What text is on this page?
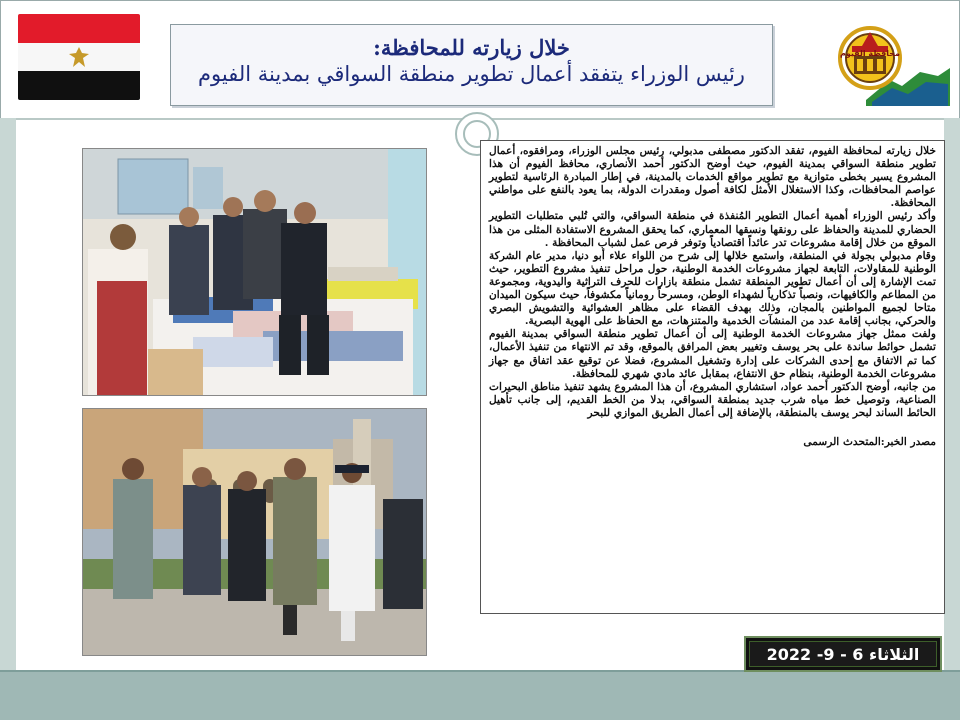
خلال زيارته للمحافظة:
رئيس الوزراء يتفقد أعمال تطوير منطقة السواقي بمدينة الفيوم
محافظة الفيوم

خلال زيارته لمحافظة الفيوم، تفقد الدكتور مصطفى مدبولي، رئيس مجلس الوزراء، ومرافقوه، أعمال تطوير منطقة السواقي بمدينة الفيوم، حيث أوضح الدكتور أحمد الأنصاري، محافظ الفيوم أن هذا المشروع يسير بخطى متوازية مع تطوير مواقع الخدمات بالمدينة، في إطار المبادرة الرئاسية لتطوير عواصم المحافظات، وكذا الاستغلال الأمثل لكافة أصول ومقدرات الدولة، بما يعود بالنفع على مواطني المحافظة.

وأكد رئيس الوزراء أهمية أعمال التطوير المُنفذة في منطقة السواقي، والتي تُلبي متطلبات التطوير الحضاري للمدينة والحفاظ على رونقها ونسقها المعماري، كما يحقق المشروع الاستفادة المثلى من هذا الموقع من خلال إقامة مشروعات تدر عائداً اقتصادياً وتوفر فرص عمل لشباب المحافظة .

وقام مدبولي بجولة في المنطقة، واستمع خلالها إلى شرح من اللواء علاء أبو دنيا، مدير عام الشركة الوطنية للمقاولات، التابعة لجهاز مشروعات الخدمة الوطنية، حول مراحل تنفيذ مشروع التطوير، حيث تمت الإشارة إلى أن أعمال تطوير المنطقة تشمل منطقة بازارات للحرف التراثية واليدوية، ومجموعة من المطاعم والكافيهات، ونصباً تذكارياً لشهداء الوطن، ومسرحاً رومانياً مكشوفاً، حيث سيكون الميدان متاحا لجميع المواطنين بالمجان، وذلك بهدف القضاء على مظاهر العشوائية والتشويش البصري والحركي، بجانب إقامة عدد من المنشآت الخدمية والمتنزهات، مع الحفاظ على الهوية البصرية.

ولفت ممثل جهاز مشروعات الخدمة الوطنية إلى أن أعمال تطوير منطقة السواقي بمدينة الفيوم تشمل حوائط ساندة على بحر يوسف وتغيير بعض المرافق بالموقع، وقد تم الانتهاء من تنفيذ الأعمال، كما تم الاتفاق مع إحدى الشركات على إدارة وتشغيل المشروع، فضلا عن توقيع عقد اتفاق مع جهاز مشروعات الخدمة الوطنية، بنظام حق الانتفاع، بمقابل عائد مادي شهري للمحافظة.

من جانبه، أوضح الدكتور أحمد عواد، استشاري المشروع، أن هذا المشروع يشهد تنفيذ مناطق البحيرات الصناعية، وتوصيل خط مياه شرب جديد بمنطقة السواقي، بدلا من الخط القديم، إلى جانب تأهيل الحائط الساند لبحر يوسف بالمنطقة، بالإضافة إلى أعمال الطريق الموازي للبحر

مصدر الخبر:المتحدث الرسمى

الثلاثاء 6 - 9- 2022
